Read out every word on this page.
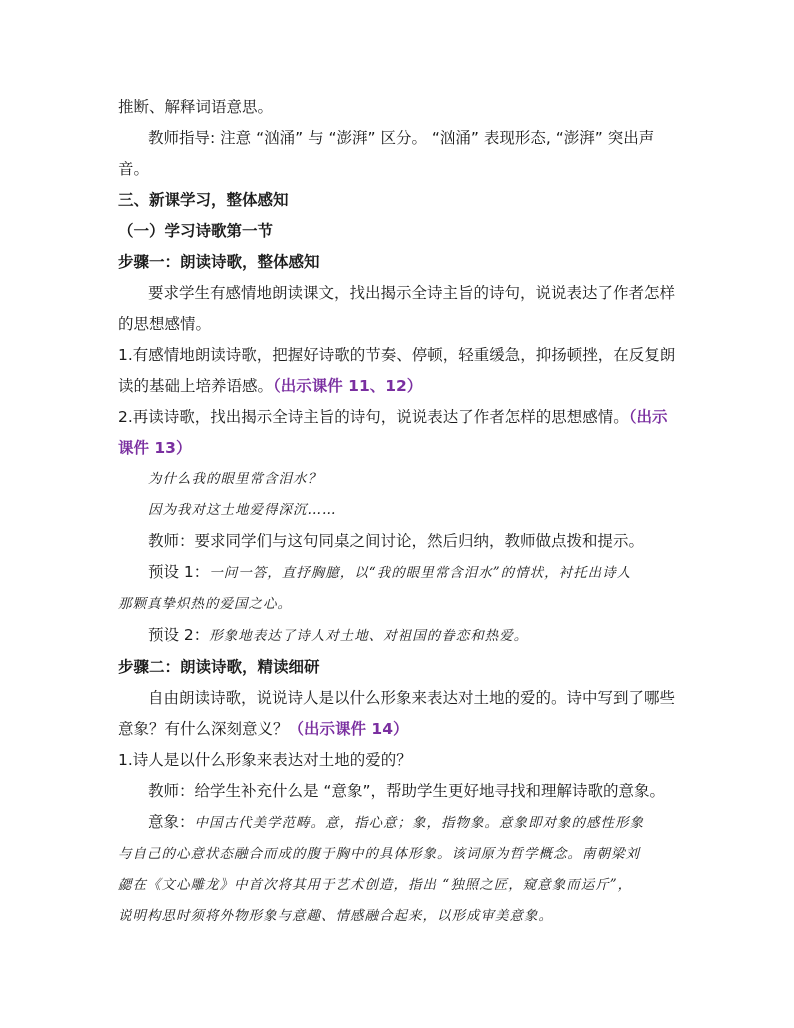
推断、解释词语意思。
教师指导: 注意 “汹涌” 与 “澎湃” 区分。 “汹涌” 表现形态, “澎湃” 突出声
音。
三、新课学习，整体感知
（一）学习诗歌第一节
步骤一：朗读诗歌，整体感知
要求学生有感情地朗读课文，找出揭示全诗主旨的诗句，说说表达了作者怎样
的思想感情。
1.有感情地朗读诗歌，把握好诗歌的节奏、停顿，轻重缓急，抑扬顿挫，在反复朗
读的基础上培养语感。（出示课件 11、12）
2.再读诗歌，找出揭示全诗主旨的诗句，说说表达了作者怎样的思想感情。（出示
课件 13）
为什么我的眼里常含泪水？
因为我对这土地爱得深沉……
教师：要求同学们与这句同桌之间讨论，然后归纳，教师做点拨和提示。
预设 1：一问一答，直抒胸臆，以“我的眼里常含泪水”的情状，衬托出诗人
那颗真挚炽热的爱国之心。
预设 2：形象地表达了诗人对土地、对祖国的眷恋和热爱。
步骤二：朗读诗歌，精读细研
自由朗读诗歌，说说诗人是以什么形象来表达对土地的爱的。诗中写到了哪些
意象？有什么深刻意义？（出示课件 14）
1.诗人是以什么形象来表达对土地的爱的？
教师：给学生补充什么是 “意象”，帮助学生更好地寻找和理解诗歌的意象。
意象：中国古代美学范畴。意，指心意；象，指物象。意象即对象的感性形象
与自己的心意状态融合而成的腹于胸中的具体形象。该词原为哲学概念。南朝梁刘
勰在《文心雕龙》中首次将其用于艺术创造，指出 “独照之匠，窥意象而运斤”，
说明构思时须将外物形象与意趣、情感融合起来，以形成审美意象。
